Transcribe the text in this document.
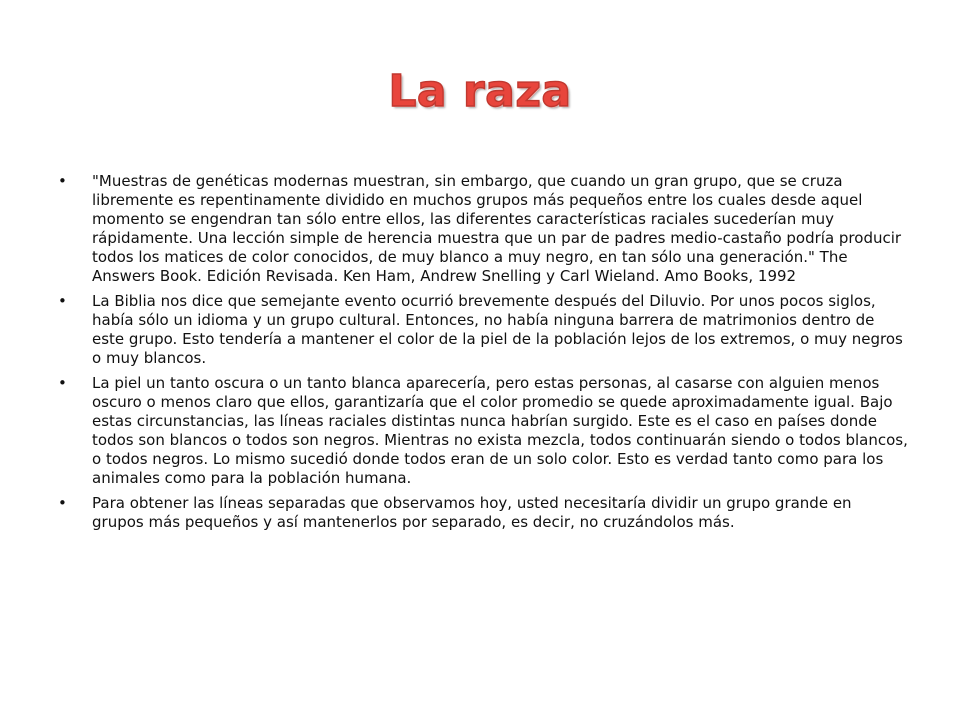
La raza
• "Muestras de genéticas modernas muestran, sin embargo, que cuando un gran grupo, que se cruza libremente es repentinamente dividido en muchos grupos más pequeños entre los cuales desde aquel momento se engendran tan sólo entre ellos, las diferentes características raciales sucederían muy rápidamente. Una lección simple de herencia muestra que un par de padres medio-castaño podría producir todos los matices de color conocidos, de muy blanco a muy negro, en tan sólo una generación." The Answers Book. Edición Revisada. Ken Ham, Andrew Snelling y Carl Wieland. Amo Books, 1992
• La Biblia nos dice que semejante evento ocurrió brevemente después del Diluvio. Por unos pocos siglos, había sólo un idioma y un grupo cultural. Entonces, no había ninguna barrera de matrimonios dentro de este grupo. Esto tendería a mantener el color de la piel de la población lejos de los extremos, o muy negros o muy blancos.
• La piel un tanto oscura o un tanto blanca aparecería, pero estas personas, al casarse con alguien menos oscuro o menos claro que ellos, garantizaría que el color promedio se quede aproximadamente igual. Bajo estas circunstancias, las líneas raciales distintas nunca habrían surgido. Este es el caso en países donde todos son blancos o todos son negros. Mientras no exista mezcla, todos continuarán siendo o todos blancos, o todos negros. Lo mismo sucedió donde todos eran de un solo color. Esto es verdad tanto como para los animales como para la población humana.
• Para obtener las líneas separadas que observamos hoy, usted necesitaría dividir un grupo grande en grupos más pequeños y así mantenerlos por separado, es decir, no cruzándolos más.
